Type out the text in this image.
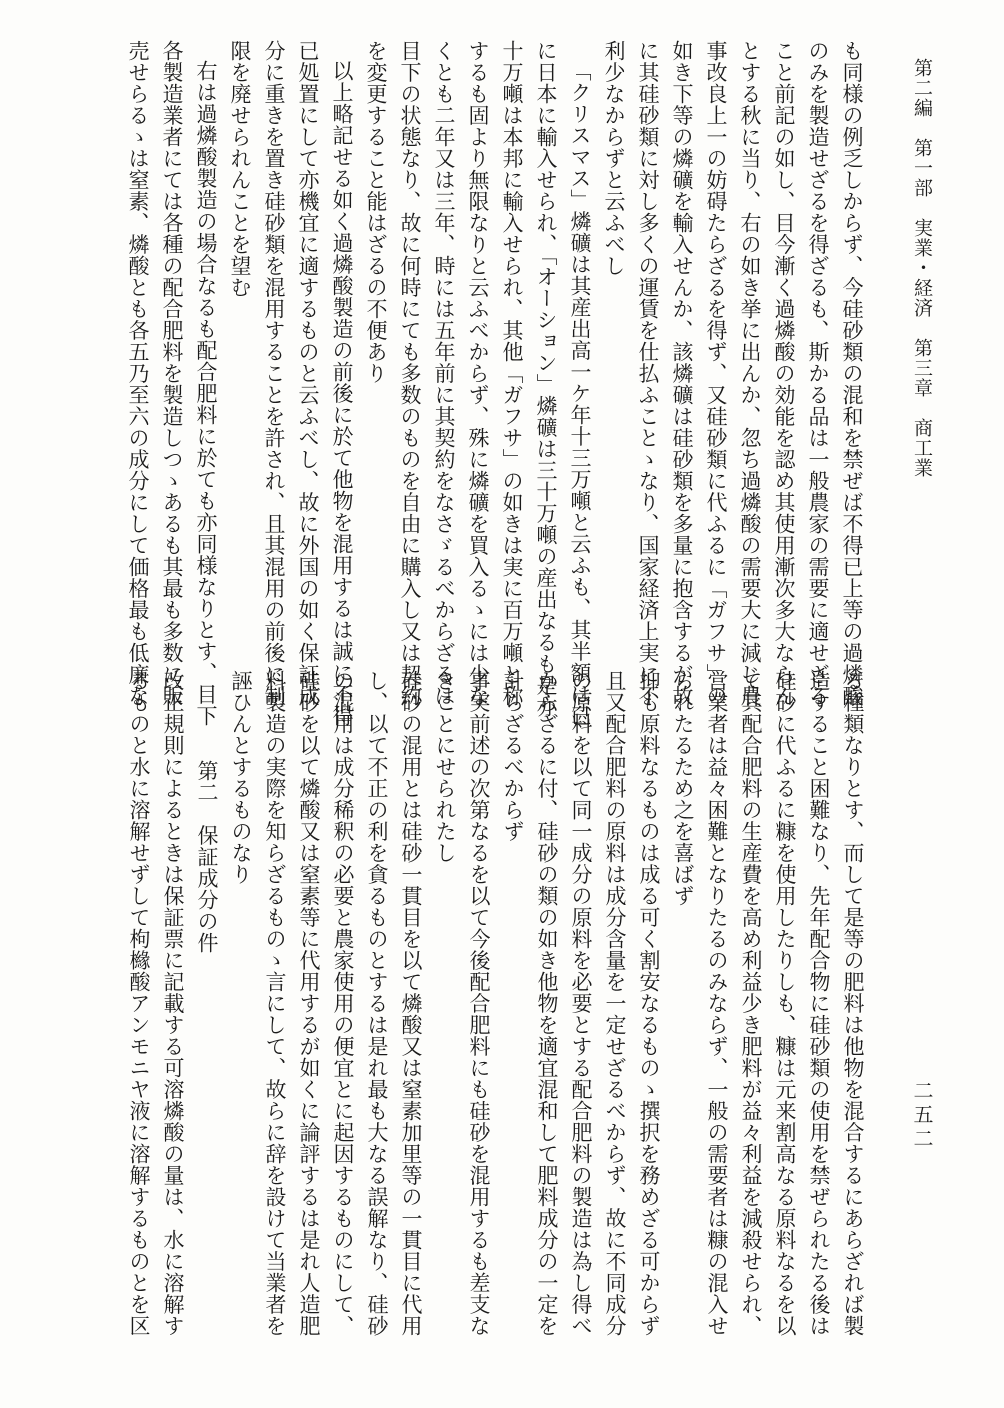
第二編　第一部　実業・経済　第三章　商工業
二五二
も同様の例乏しからず、今硅砂類の混和を禁ぜば不得已上等の過燐酸
のみを製造せざるを得ざるも、斯かる品は一般農家の需要に適せざる
こと前記の如し、目今漸く過燐酸の効能を認め其使用漸次多大ならん
とする秋に当り、右の如き挙に出んか、忽ち過燐酸の需要大に減じ農
事改良上一の妨碍たらざるを得ず、又硅砂類に代ふるに「ガフサ」の
如き下等の燐礦を輸入せんか、該燐礦は硅砂類を多量に抱含するが故
に其硅砂類に対し多くの運賃を仕払ふことゝなり、国家経済上実に不
利少なからずと云ふべし
「クリスマス」燐礦は其産出高一ケ年十三万噸と云ふも、其半額は已
に日本に輸入せられ、「オーション」燐礦は三十万噸の産出なるも是亦
十万噸は本邦に輸入せられ、其他「ガフサ」の如きは実に百万噸と称
するも固より無限なりと云ふべからず、殊に燐礦を買入るゝには少な
くとも二年又は三年、時には五年前に其契約をなさゞるべからざるは
目下の状態なり、故に何時にても多数のものを自由に購入し又は契約
を変更すること能はざるの不便あり
以上略記せる如く過燐酸製造の前後に於て他物を混用するは誠に不得
已処置にして亦機宜に適するものと云ふべし、故に外国の如く保証成
分に重きを置き硅砂類を混用することを許され、且其混用の前後に制
限を廃せられんことを望む
右は過燐酸製造の場合なるも配合肥料に於ても亦同様なりとす、目下
各製造業者にては各種の配合肥料を製造しつゝあるも其最も多数に販
売せらるゝは窒素、燐酸とも各五乃至六の成分にして価格最も低廉な
る種類なりとす、而して是等の肥料は他物を混合するにあらざれば製
造すること困難なり、先年配合物に硅砂類の使用を禁ぜられたる後は
硅砂に代ふるに糠を使用したりしも、糠は元来割高なる原料なるを以
て其配合肥料の生産費を高め利益少き肥料が益々利益を減殺せられ、
営業者は益々困難となりたるのみならず、一般の需要者は糠の混入せ
られたるため之を喜ばず
抑も原料なるものは成る可く割安なるものゝ撰択を務めざる可からず
且又配合肥料の原料は成分含量を一定せざるべからず、故に不同成分
の原料を以て同一成分の原料を必要とする配合肥料の製造は為し得べ
からざるに付、硅砂の類の如き他物を適宜混和して肥料成分の一定を
計らざるべからず
事実前述の次第なるを以て今後配合肥料にも硅砂を混用するも差支な
きことにせられたし
硅砂の混用とは硅砂一貫目を以て燐酸又は窒素加里等の一貫目に代用
し、以て不正の利を貪るものとするは是れ最も大なる誤解なり、硅砂
の混用は成分稀釈の必要と農家使用の便宜とに起因するものにして、
硅砂を以て燐酸又は窒素等に代用するが如くに論評するは是れ人造肥
料製造の実際を知らざるものゝ言にして、故らに辞を設けて当業者を
誣ひんとするものなり
第二　保証成分の件
改正規則によるときは保証票に記載する可溶燐酸の量は、水に溶解す
るものと水に溶解せずして枸櫞酸アンモニヤ液に溶解するものとを区
